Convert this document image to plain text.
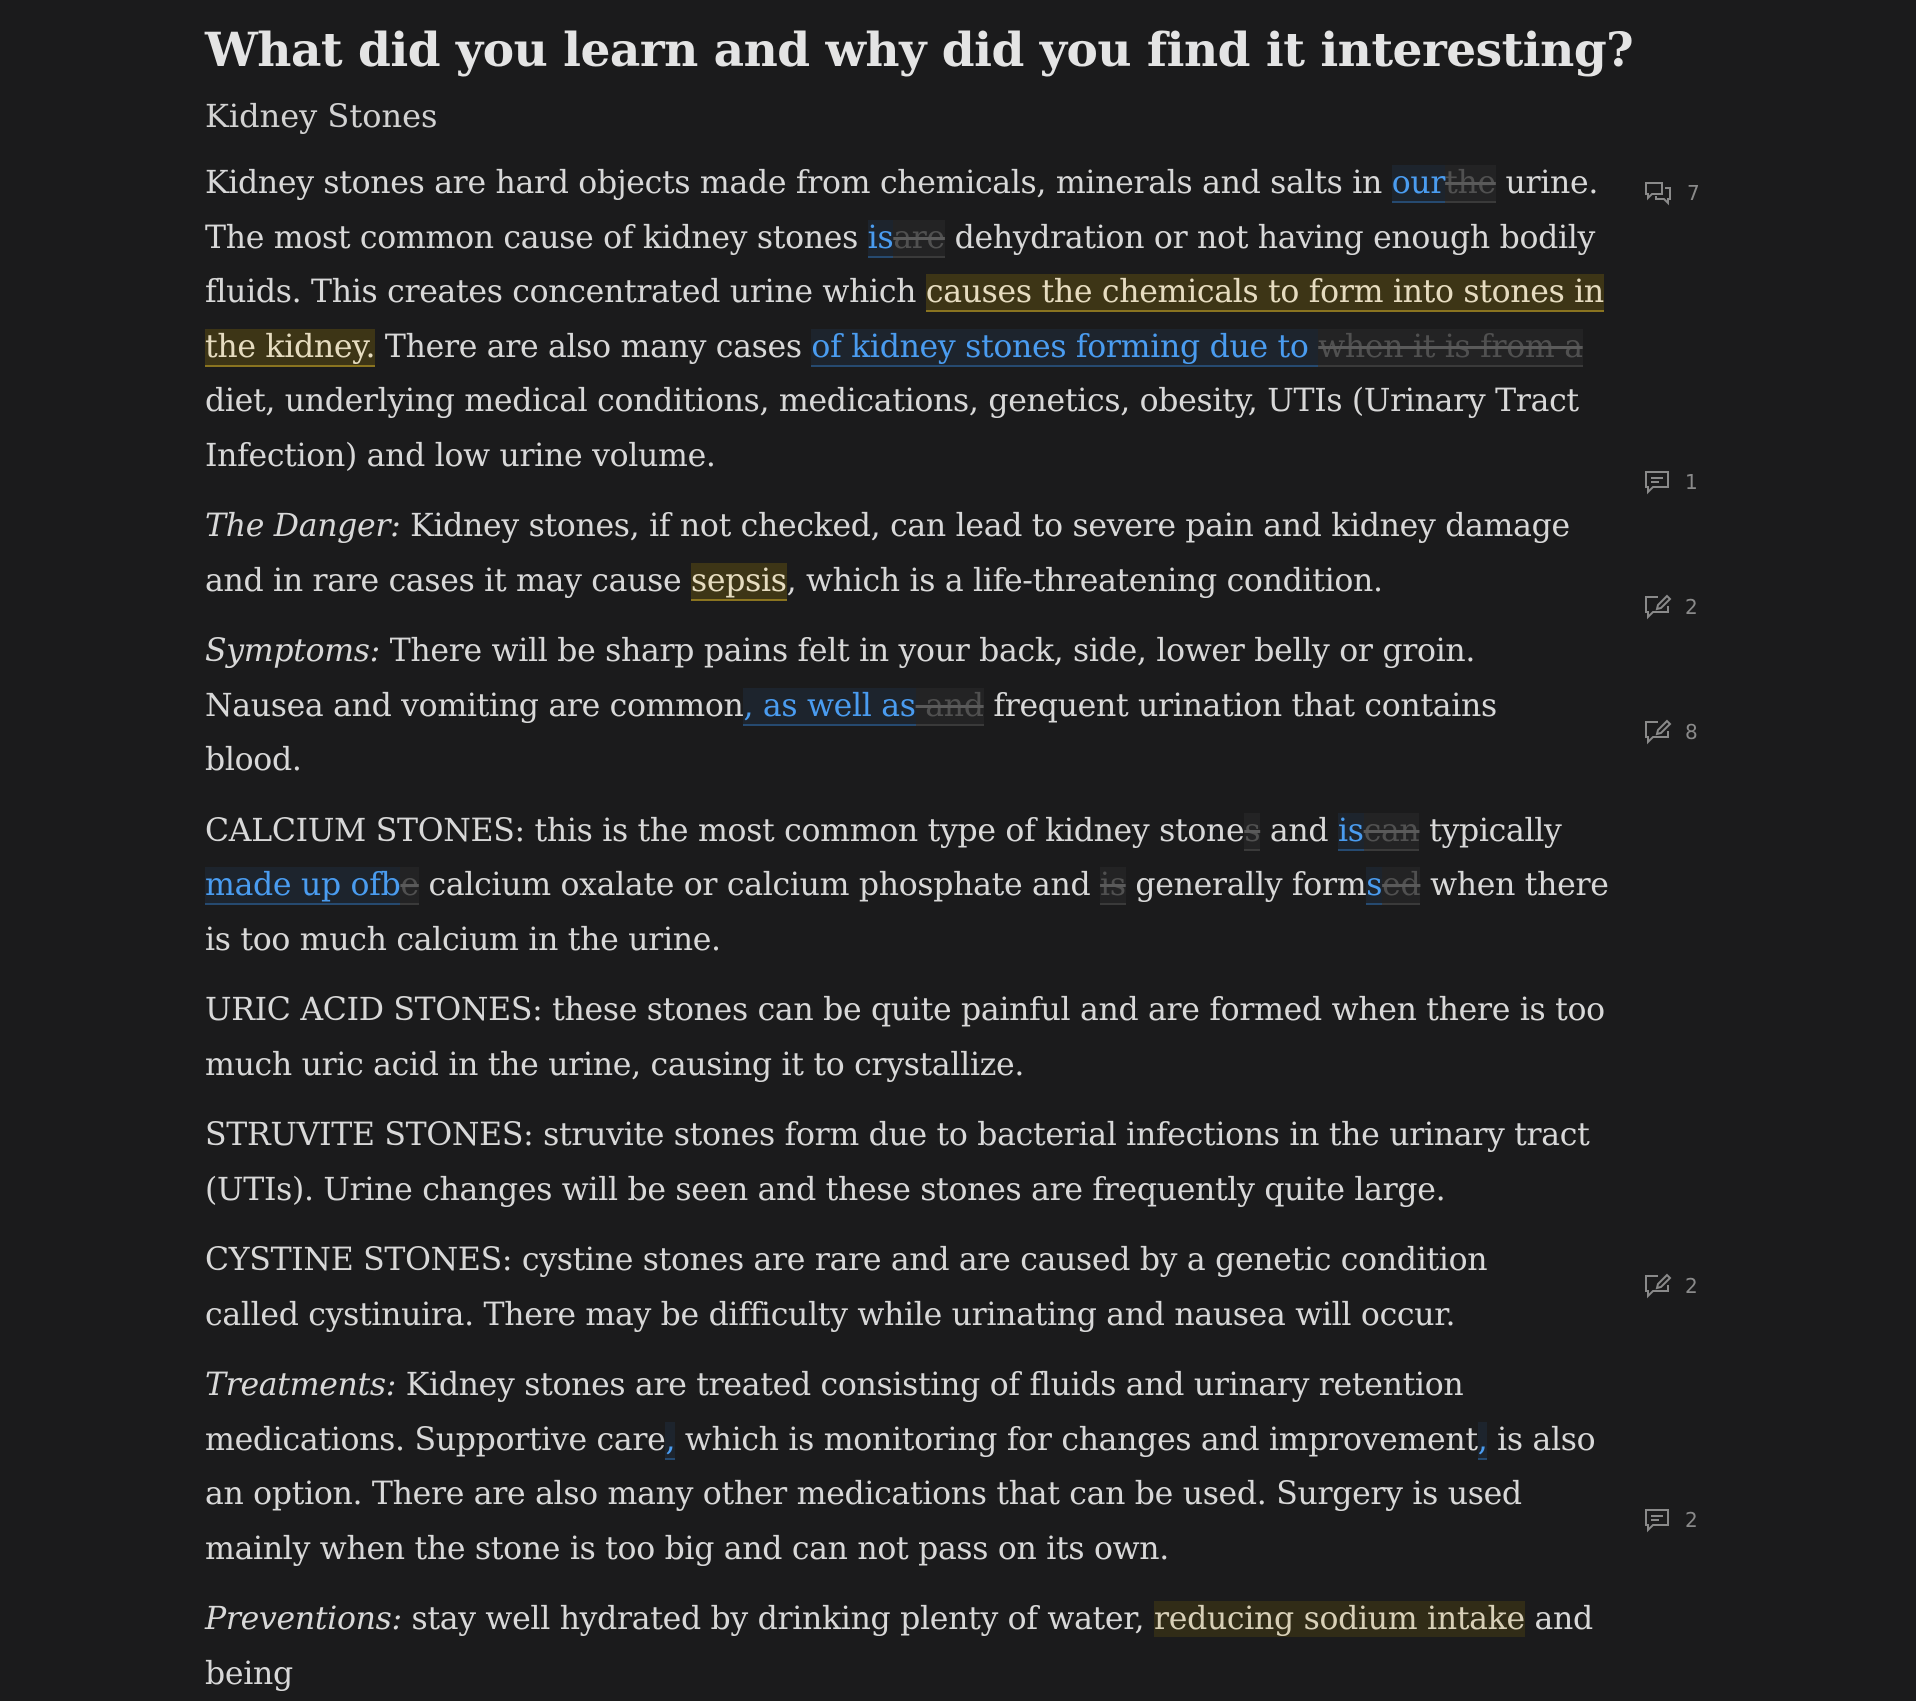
What did you learn and why did you find it interesting?
Kidney Stones

Kidney stones are hard objects made from chemicals, minerals and salts in ourthe urine. The most common cause of kidney stones isare dehydration or not having enough bodily fluids. This creates concentrated urine which causes the chemicals to form into stones in the kidney. There are also many cases of kidney stones forming due to when it is from a diet, underlying medical conditions, medications, genetics, obesity, UTIs (Urinary Tract Infection) and low urine volume.

The Danger: Kidney stones, if not checked, can lead to severe pain and kidney damage and in rare cases it may cause sepsis, which is a life-threatening condition.

Symptoms: There will be sharp pains felt in your back, side, lower belly or groin. Nausea and vomiting are common, as well as and frequent urination that contains blood.

CALCIUM STONES: this is the most common type of kidney stones and iscan typically made up ofbe calcium oxalate or calcium phosphate and is generally formsed when there is too much calcium in the urine.

URIC ACID STONES: these stones can be quite painful and are formed when there is too much uric acid in the urine, causing it to crystallize.

STRUVITE STONES: struvite stones form due to bacterial infections in the urinary tract (UTIs). Urine changes will be seen and these stones are frequently quite large.

CYSTINE STONES: cystine stones are rare and are caused by a genetic condition called cystinuira. There may be difficulty while urinating and nausea will occur.

Treatments: Kidney stones are treated consisting of fluids and urinary retention medications. Supportive care, which is monitoring for changes and improvement, is also an option. There are also many other medications that can be used. Surgery is used mainly when the stone is too big and can not pass on its own.

Preventions: stay well hydrated by drinking plenty of water, reducing sodium intake and being

7
1
2
8
2
2
